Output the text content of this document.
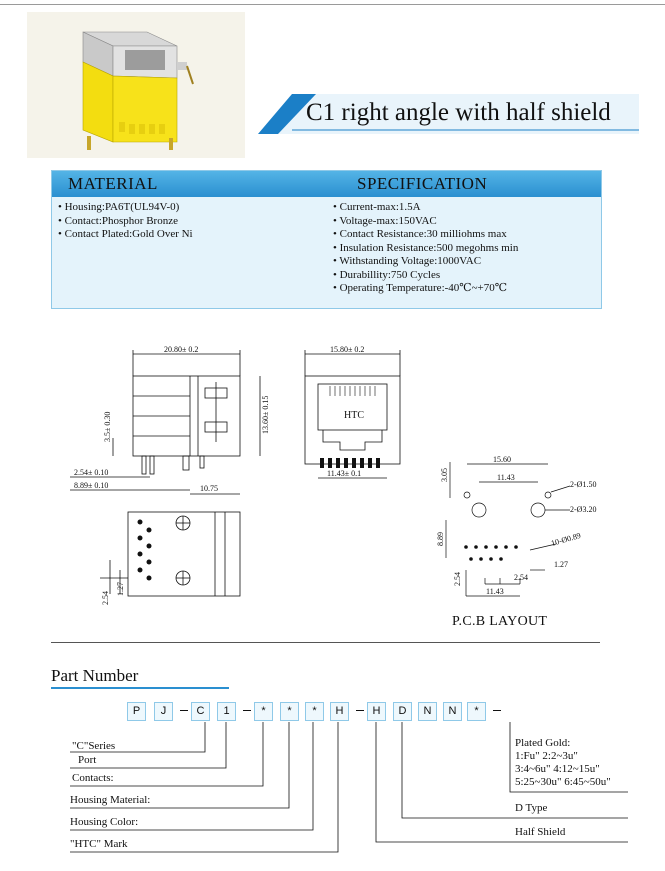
C1 right angle with half shield
MATERIAL	SPECIFICATION
• Housing:PA6T(UL94V-0)
• Contact:Phosphor Bronze
• Contact Plated:Gold Over Ni
• Current-max:1.5A
• Voltage-max:150VAC
• Contact Resistance:30 milliohms max
• Insulation Resistance:500 megohms min
• Withstanding Voltage:1000VAC
• Durabillity:750 Cycles
• Operating Temperature:-40℃~+70℃
20.80± 0.2
3.5± 0.30	13.60± 0.15
2.54± 0.10
8.89± 0.10	10.75
15.80± 0.2
HTC
11.43± 0.1
2.54
1.27
15.60
11.43
3.05
2-Ø1.50
2-Ø3.20
8.89	10-Ø0.89
1.27
2.54	2.54
11.43
P.C.B LAYOUT
Part Number
P	J	C	1	*	*	*	H	H	D	N	N	*
"C"Series
Port
Contacts:
Housing Material:
Housing Color:
"HTC" Mark
Plated Gold:
1:Fu" 2:2~3u"
3:4~6u" 4:12~15u"
5:25~30u" 6:45~50u"
D Type
Half Shield
